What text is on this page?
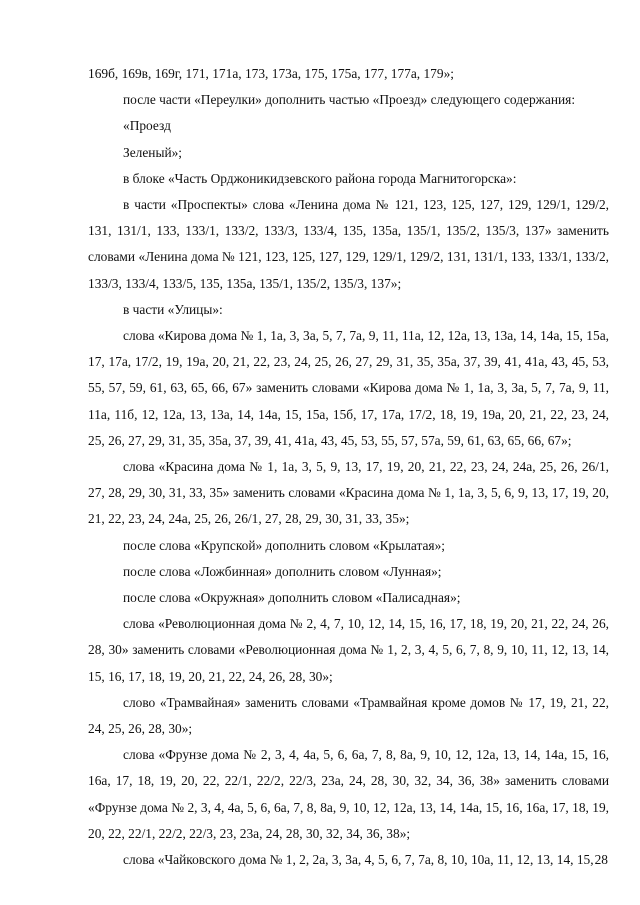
169б, 169в, 169г, 171, 171а, 173, 173а, 175, 175а, 177, 177а, 179»;

после части «Переулки» дополнить частью «Проезд» следующего содержания:

«Проезд

Зеленый»;

в блоке «Часть Орджоникидзевского района города Магнитогорска»:

в части «Проспекты» слова «Ленина дома № 121, 123, 125, 127, 129, 129/1, 129/2, 131, 131/1, 133, 133/1, 133/2, 133/3, 133/4, 135, 135а, 135/1, 135/2, 135/3, 137» заменить словами «Ленина дома № 121, 123, 125, 127, 129, 129/1, 129/2, 131, 131/1, 133, 133/1, 133/2, 133/3, 133/4, 133/5, 135, 135а, 135/1, 135/2, 135/3, 137»;

в части «Улицы»:

слова «Кирова дома № 1, 1а, 3, 3а, 5, 7, 7а, 9, 11, 11а, 12, 12а, 13, 13а, 14, 14а, 15, 15а, 17, 17а, 17/2, 19, 19а, 20, 21, 22, 23, 24, 25, 26, 27, 29, 31, 35, 35а, 37, 39, 41, 41а, 43, 45, 53, 55, 57, 59, 61, 63, 65, 66, 67» заменить словами «Кирова дома № 1, 1а, 3, 3а, 5, 7, 7а, 9, 11, 11а, 11б, 12, 12а, 13, 13а, 14, 14а, 15, 15а, 15б, 17, 17а, 17/2, 18, 19, 19а, 20, 21, 22, 23, 24, 25, 26, 27, 29, 31, 35, 35а, 37, 39, 41, 41а, 43, 45, 53, 55, 57, 57а, 59, 61, 63, 65, 66, 67»;

слова «Красина дома № 1, 1а, 3, 5, 9, 13, 17, 19, 20, 21, 22, 23, 24, 24а, 25, 26, 26/1, 27, 28, 29, 30, 31, 33, 35» заменить словами «Красина дома № 1, 1а, 3, 5, 6, 9, 13, 17, 19, 20, 21, 22, 23, 24, 24а, 25, 26, 26/1, 27, 28, 29, 30, 31, 33, 35»;

после слова «Крупской» дополнить словом «Крылатая»;

после слова «Ложбинная» дополнить словом «Лунная»;

после слова «Окружная» дополнить словом «Палисадная»;

слова «Революционная дома № 2, 4, 7, 10, 12, 14, 15, 16, 17, 18, 19, 20, 21, 22, 24, 26, 28, 30» заменить словами «Революционная дома № 1, 2, 3, 4, 5, 6, 7, 8, 9, 10, 11, 12, 13, 14, 15, 16, 17, 18, 19, 20, 21, 22, 24, 26, 28, 30»;

слово «Трамвайная» заменить словами «Трамвайная кроме домов № 17, 19, 21, 22, 24, 25, 26, 28, 30»;

слова «Фрунзе дома № 2, 3, 4, 4а, 5, 6, 6а, 7, 8, 8а, 9, 10, 12, 12а, 13, 14, 14а, 15, 16, 16а, 17, 18, 19, 20, 22, 22/1, 22/2, 22/3, 23а, 24, 28, 30, 32, 34, 36, 38» заменить словами «Фрунзе дома № 2, 3, 4, 4а, 5, 6, 6а, 7, 8, 8а, 9, 10, 12, 12а, 13, 14, 14а, 15, 16, 16а, 17, 18, 19, 20, 22, 22/1, 22/2, 22/3, 23, 23а, 24, 28, 30, 32, 34, 36, 38»;

слова «Чайковского дома № 1, 2, 2а, 3, 3а, 4, 5, 6, 7, 7а, 8, 10, 10а, 11, 12, 13, 14, 15, 28
